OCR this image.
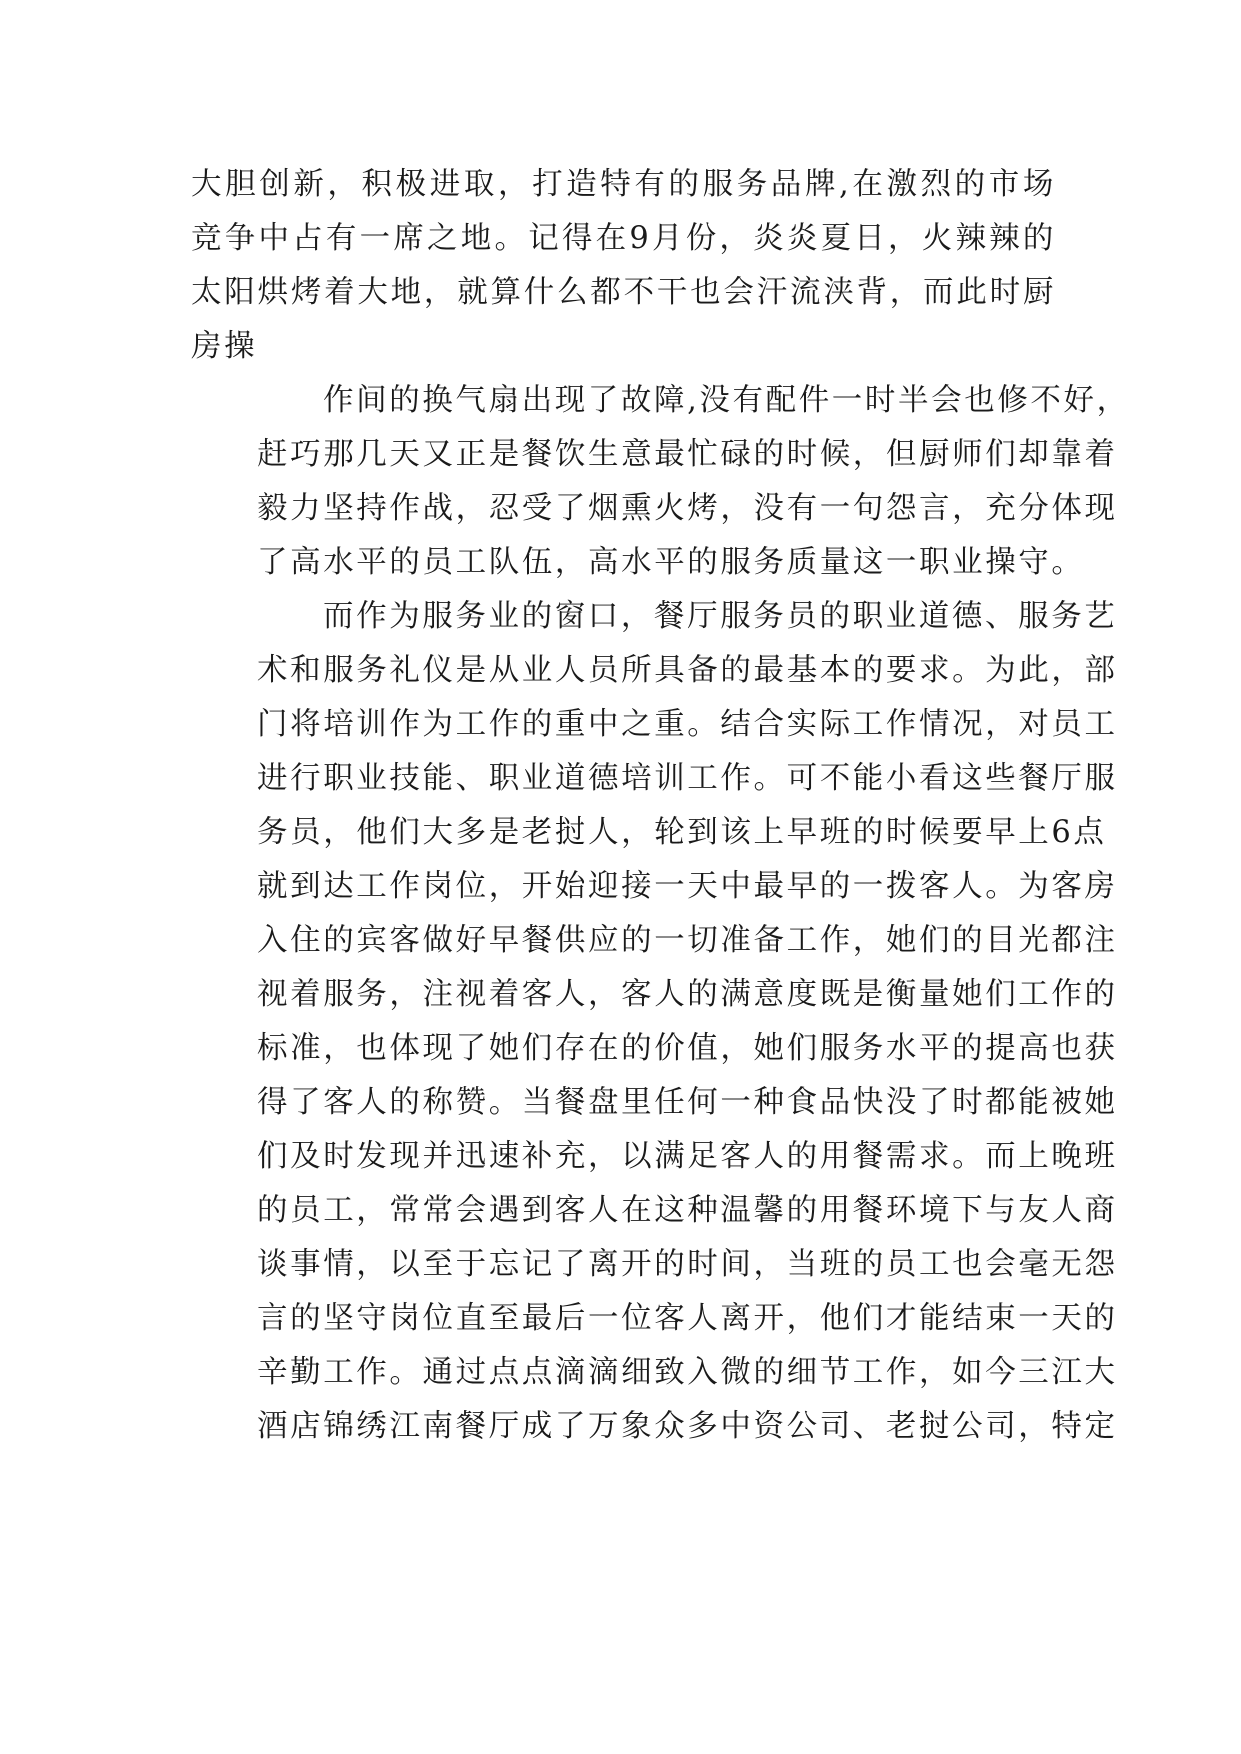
大胆创新，积极进取，打造特有的服务品牌,在激烈的市场
竞争中占有一席之地。记得在9月份，炎炎夏日，火辣辣的
太阳烘烤着大地，就算什么都不干也会汗流浃背，而此时厨
房操
作间的换气扇出现了故障,没有配件一时半会也修不好，
赶巧那几天又正是餐饮生意最忙碌的时候，但厨师们却靠着
毅力坚持作战，忍受了烟熏火烤，没有一句怨言，充分体现
了高水平的员工队伍，高水平的服务质量这一职业操守。
而作为服务业的窗口，餐厅服务员的职业道德、服务艺
术和服务礼仪是从业人员所具备的最基本的要求。为此，部
门将培训作为工作的重中之重。结合实际工作情况，对员工
进行职业技能、职业道德培训工作。可不能小看这些餐厅服
务员，他们大多是老挝人，轮到该上早班的时候要早上6点
就到达工作岗位，开始迎接一天中最早的一拨客人。为客房
入住的宾客做好早餐供应的一切准备工作，她们的目光都注
视着服务，注视着客人，客人的满意度既是衡量她们工作的
标准，也体现了她们存在的价值，她们服务水平的提高也获
得了客人的称赞。当餐盘里任何一种食品快没了时都能被她
们及时发现并迅速补充，以满足客人的用餐需求。而上晚班
的员工，常常会遇到客人在这种温馨的用餐环境下与友人商
谈事情，以至于忘记了离开的时间，当班的员工也会毫无怨
言的坚守岗位直至最后一位客人离开，他们才能结束一天的
辛勤工作。通过点点滴滴细致入微的细节工作，如今三江大
酒店锦绣江南餐厅成了万象众多中资公司、老挝公司，特定
